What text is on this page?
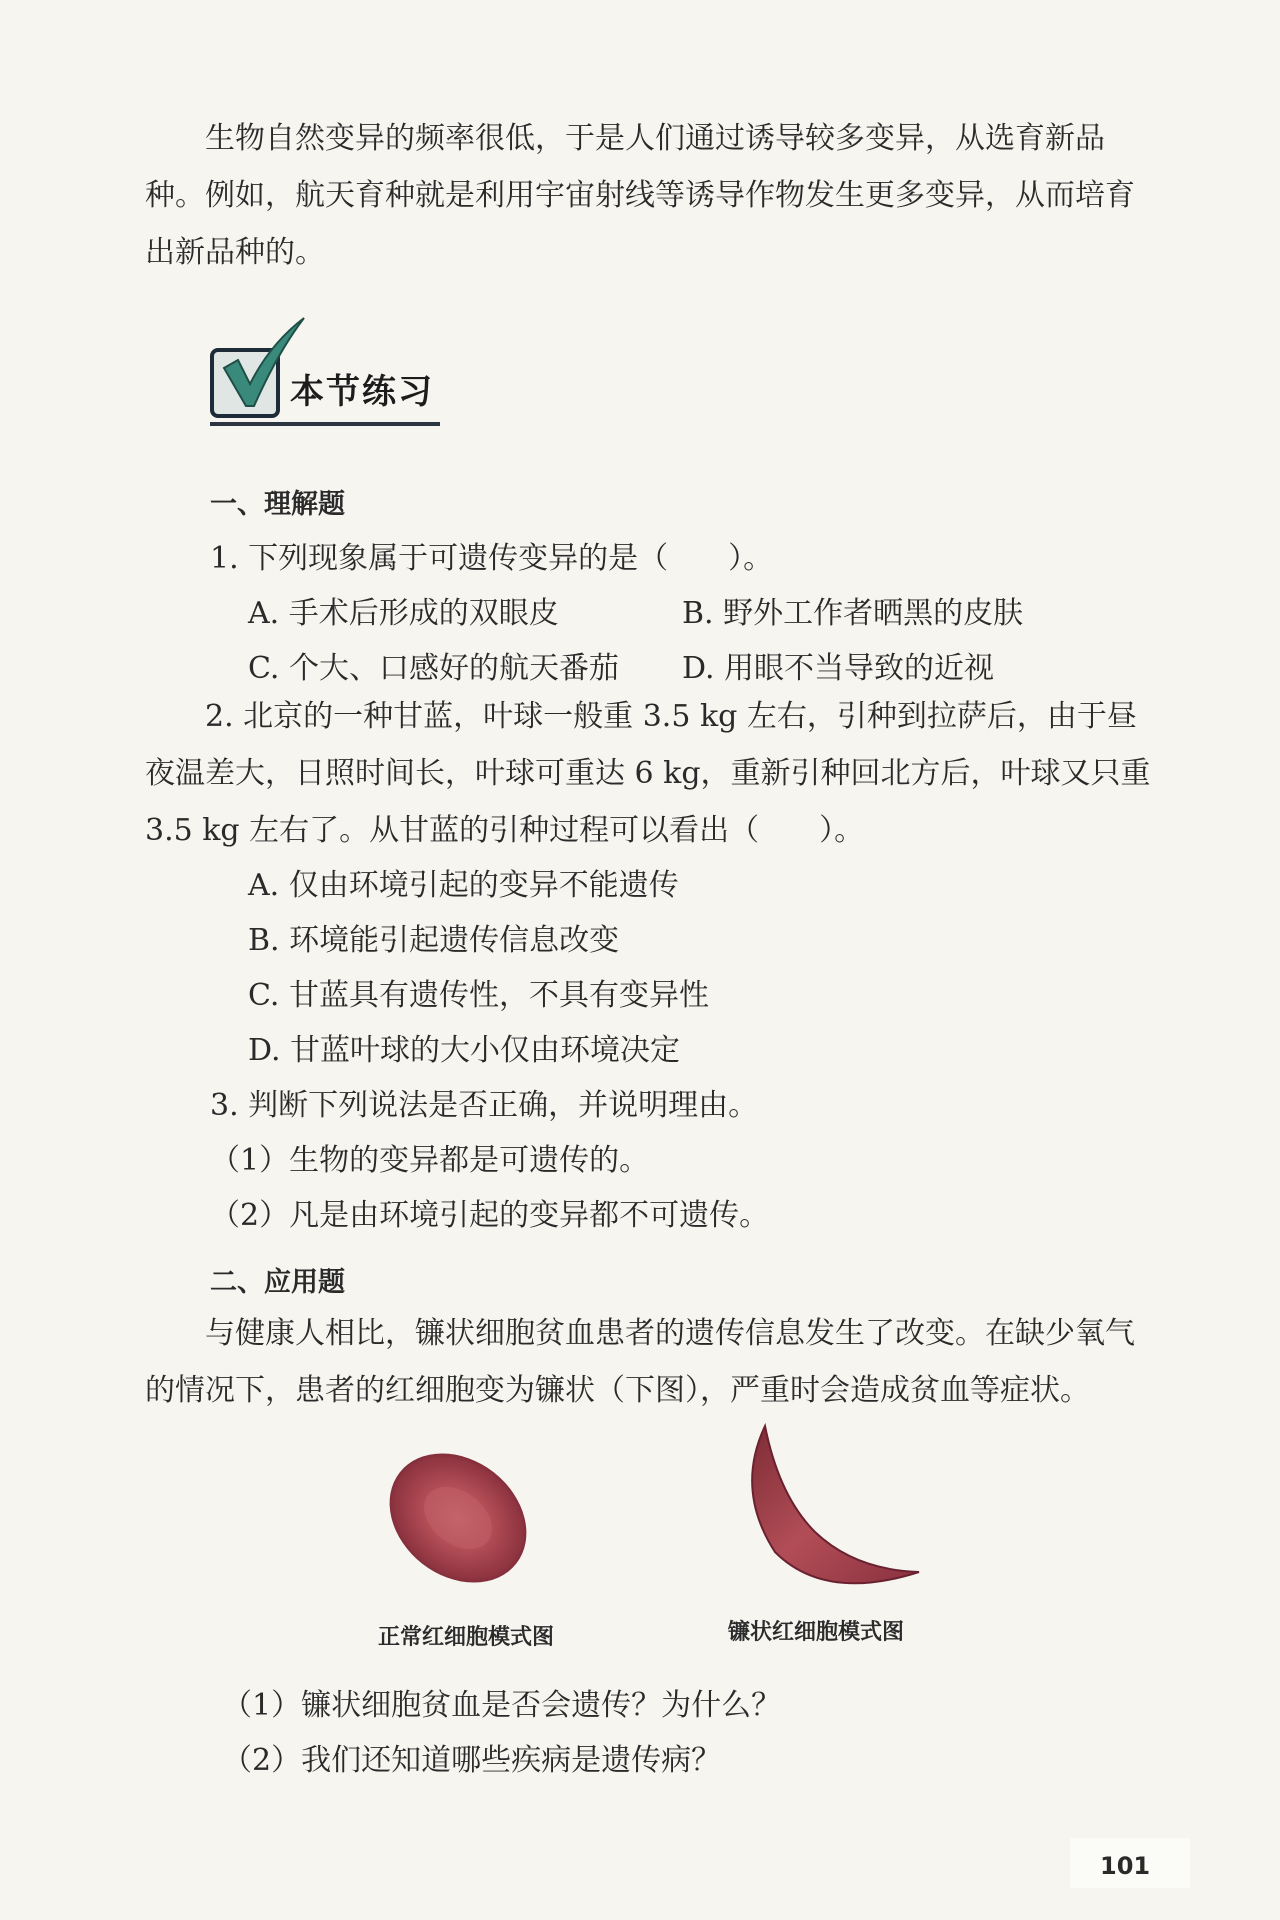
生物自然变异的频率很低，于是人们通过诱导较多变异，从选育新品种。例如，航天育种就是利用宇宙射线等诱导作物发生更多变异，从而培育出新品种的。

本节练习

一、理解题

1. 下列现象属于可遗传变异的是（　　）。

A. 手术后形成的双眼皮	B. 野外工作者晒黑的皮肤

C. 个大、口感好的航天番茄 D. 用眼不当导致的近视

2. 北京的一种甘蓝，叶球一般重 3.5 kg 左右，引种到拉萨后，由于昼夜温差大，日照时间长，叶球可重达 6 kg，重新引种回北方后，叶球又只重 3.5 kg 左右了。从甘蓝的引种过程可以看出（　　）。

A. 仅由环境引起的变异不能遗传

B. 环境能引起遗传信息改变

C. 甘蓝具有遗传性，不具有变异性

D. 甘蓝叶球的大小仅由环境决定

3. 判断下列说法是否正确，并说明理由。

（1）生物的变异都是可遗传的。

（2）凡是由环境引起的变异都不可遗传。

二、应用题

与健康人相比，镰状细胞贫血患者的遗传信息发生了改变。在缺少氧气的情况下，患者的红细胞变为镰状（下图），严重时会造成贫血等症状。

正常红细胞模式图	镰状红细胞模式图

（1）镰状细胞贫血是否会遗传？为什么？

（2）我们还知道哪些疾病是遗传病？

101
